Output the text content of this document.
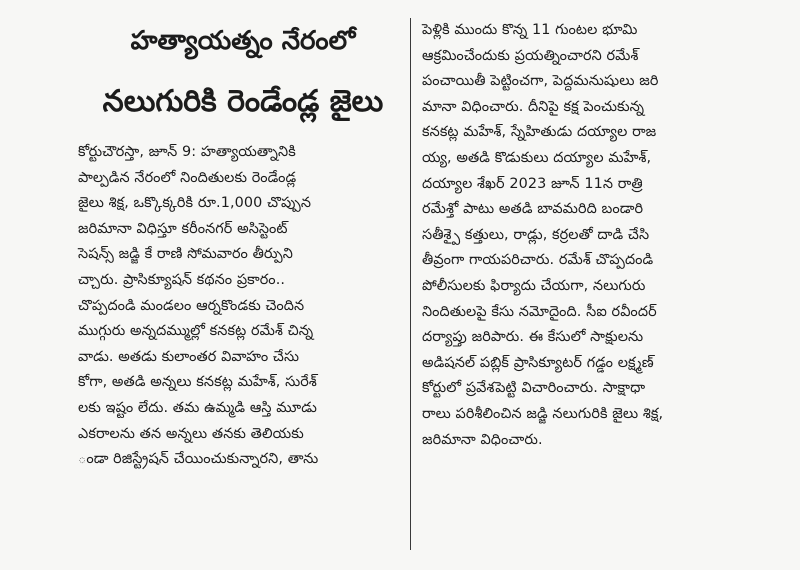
హత్యాయత్నం నేరంలో
నలుగురికి రెండేండ్ల జైలు
కోర్టుచౌరస్తా, జూన్ 9: హత్యాయత్నానికి
పాల్పడిన నేరంలో నిందితులకు రెండేండ్ల
జైలు శిక్ష, ఒక్కొక్కరికి రూ.1,000 చొప్పున
జరిమానా విధిస్తూ కరీంనగర్ అసిస్టెంట్
సెషన్స్ జడ్జి కే రాణి సోమవారం తీర్పుని
చ్చారు. ప్రాసిక్యూషన్ కథనం ప్రకారం..
చొప్పదండి మండలం ఆర్నకొండకు చెందిన
ముగ్గురు అన్నదమ్ముల్లో కనకట్ల రమేశ్ చిన్న
వాడు. అతడు కులాంతర వివాహం చేసు
కోగా, అతడి అన్నలు కనకట్ల మహేశ్, సురేశ్
లకు ఇష్టం లేదు. తమ ఉమ్మడి ఆస్తి మూడు
ఎకరాలను తన అన్నలు తనకు తెలియకు
ండా రిజిస్ట్రేషన్ చేయించుకున్నారని, తాను
పెళ్లికి ముందు కొన్న 11 గుంటల భూమి
ఆక్రమించేందుకు ప్రయత్నించారని రమేశ్
పంచాయితీ పెట్టించగా, పెద్దమనుషులు జరి
మానా విధించారు. దీనిపై కక్ష పెంచుకున్న
కనకట్ల మహేశ్, స్నేహితుడు దయ్యాల రాజ
య్య, అతడి కొడుకులు దయ్యాల మహేశ్,
దయ్యాల శేఖర్ 2023 జూన్ 11న రాత్రి
రమేశ్తో పాటు అతడి బావమరిది బండారి
సతీశ్పై కత్తులు, రాడ్లు, కర్రలతో దాడి చేసి
తీవ్రంగా గాయపరిచారు. రమేశ్ చొప్పదండి
పోలీసులకు ఫిర్యాదు చేయగా, నలుగురు
నిందితులపై కేసు నమోదైంది. సీఐ రవీందర్
దర్యాప్తు జరిపారు. ఈ కేసులో సాక్షులను
అడిషనల్ పబ్లిక్ ప్రాసిక్యూటర్ గడ్డం లక్ష్మణ్
కోర్టులో ప్రవేశపెట్టి విచారించారు. సాక్షాధా
రాలు పరిశీలించిన జడ్జి నలుగురికి జైలు శిక్ష,
జరిమానా విధించారు.
